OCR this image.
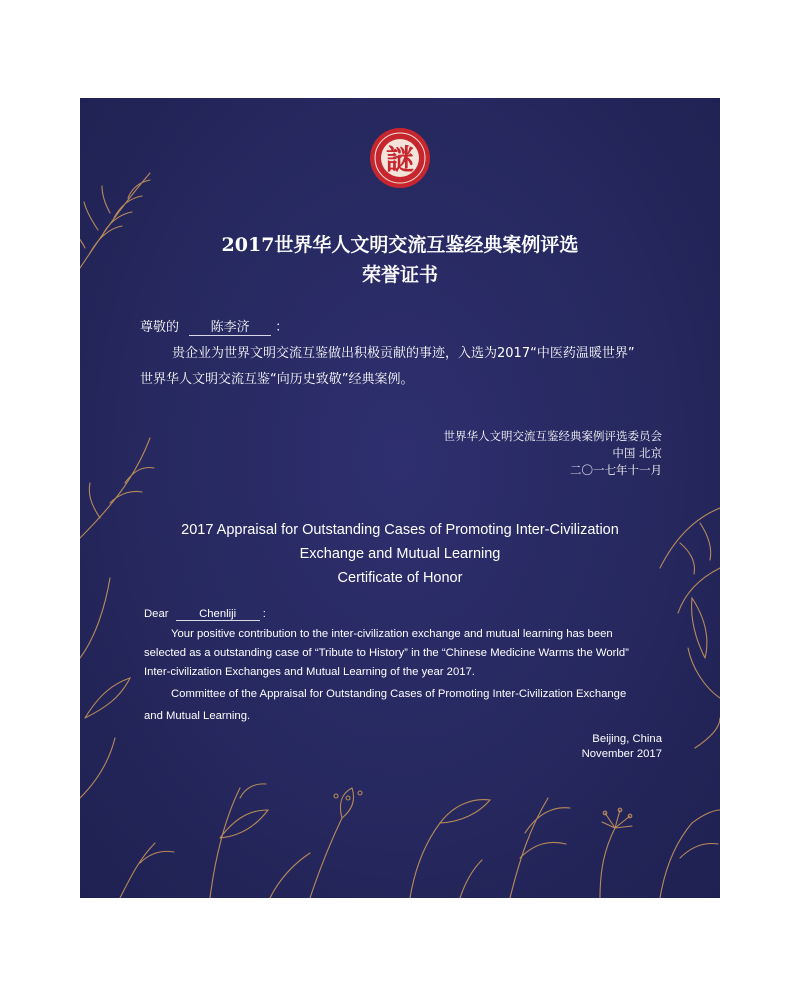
謎
2017世界华人文明交流互鉴经典案例评选
荣誉证书
尊敬的 陈李济 ：
贵企业为世界文明交流互鉴做出积极贡献的事迹，入选为2017“中医药温暖世界”
世界华人文明交流互鉴“向历史致敬”经典案例。
世界华人文明交流互鉴经典案例评选委员会
中国 北京
二〇一七年十一月
2017 Appraisal for Outstanding Cases of Promoting Inter-Civilization
Exchange and Mutual Learning
Certificate of Honor
Dear	Chenliji :
Your positive contribution to the inter-civilization exchange and mutual learning has been
selected as a outstanding case of “Tribute to History” in the “Chinese Medicine Warms the World”
Inter-civilization Exchanges and Mutual Learning of the year 2017.
Committee of the Appraisal for Outstanding Cases of Promoting Inter-Civilization Exchange
and Mutual Learning.
Beijing, China
November 2017
